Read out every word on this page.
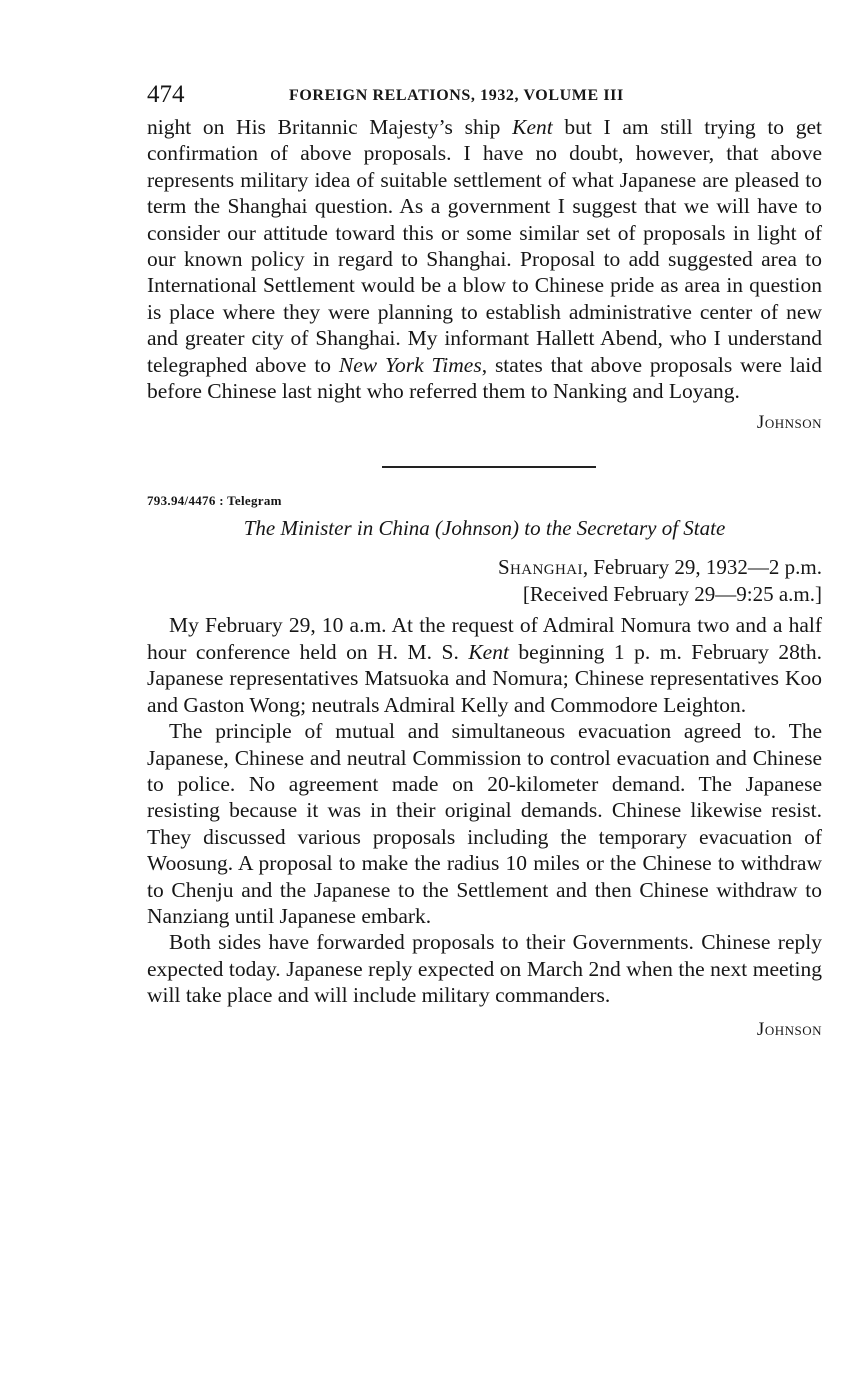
474	FOREIGN RELATIONS, 1932, VOLUME III

night on His Britannic Majesty’s ship Kent but I am still trying to get confirmation of above proposals. I have no doubt, however, that above represents military idea of suitable settlement of what Japanese are pleased to term the Shanghai question. As a government I suggest that we will have to consider our attitude toward this or some similar set of proposals in light of our known policy in regard to Shanghai. Proposal to add suggested area to International Settlement would be a blow to Chinese pride as area in question is place where they were planning to establish administrative center of new and greater city of Shanghai. My informant Hallett Abend, who I understand telegraphed above to New York Times, states that above proposals were laid before Chinese last night who referred them to Nanking and Loyang.

Johnson
793.94/4476 : Telegram
The Minister in China (Johnson) to the Secretary of State
Shanghai, February 29, 1932—2 p.m.
[Received February 29—9:25 a.m.]

My February 29, 10 a.m. At the request of Admiral Nomura two and a half hour conference held on H. M. S. Kent beginning 1 p. m. February 28th. Japanese representatives Matsuoka and Nomura; Chinese representatives Koo and Gaston Wong; neutrals Admiral Kelly and Commodore Leighton.

The principle of mutual and simultaneous evacuation agreed to. The Japanese, Chinese and neutral Commission to control evacuation and Chinese to police. No agreement made on 20-kilometer demand. The Japanese resisting because it was in their original demands. Chinese likewise resist. They discussed various proposals including the temporary evacuation of Woosung. A proposal to make the radius 10 miles or the Chinese to withdraw to Chenju and the Japanese to the Settlement and then Chinese withdraw to Nanziang until Japanese embark.

Both sides have forwarded proposals to their Governments. Chinese reply expected today. Japanese reply expected on March 2nd when the next meeting will take place and will include military commanders.

Johnson
